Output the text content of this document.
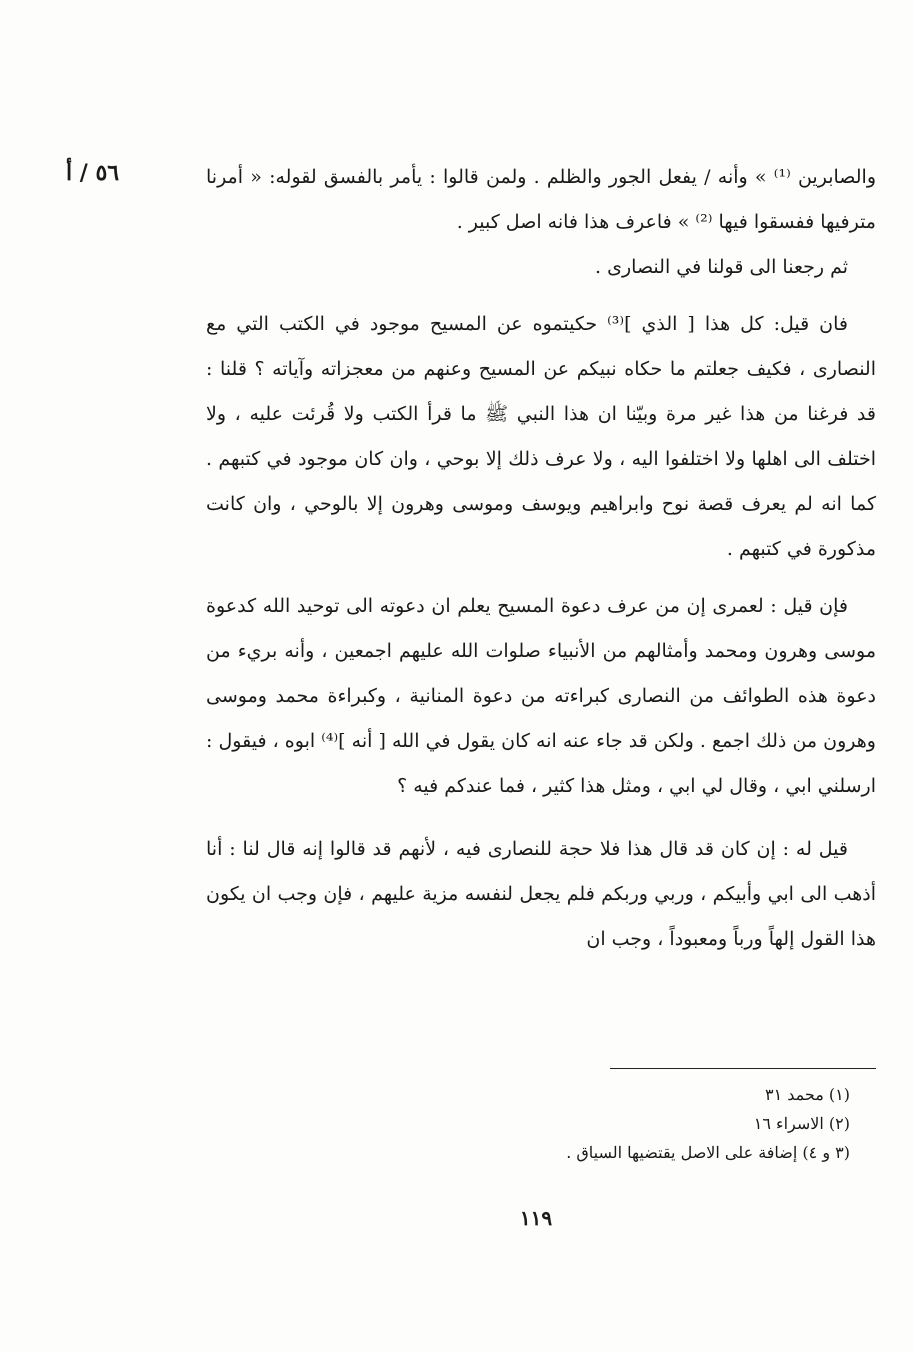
٥٦ / أ	والصابرين ⁽¹⁾ » وأنه / يفعل الجور والظلم . ولمن قالوا : يأمر بالفسق لقوله: « أمرنا مترفيها ففسقوا فيها ⁽²⁾ » فاعرف هذا فانه اصل كبير .

ثم رجعنا الى قولنا في النصارى .

فان قيل: كل هذا [ الذي ]⁽³⁾ حكيتموه عن المسيح موجود في الكتب التي مع النصارى ، فكيف جعلتم ما حكاه نبيكم عن المسيح وعنهم من معجزاته وآياته ؟ قلنا : قد فرغنا من هذا غير مرة وبيّنا ان هذا النبي ﷺ ما قرأ الكتب ولا قُرئت عليه ، ولا اختلف الى اهلها ولا اختلفوا اليه ، ولا عرف ذلك إلا بوحي ، وان كان موجود في كتبهم . كما انه لم يعرف قصة نوح وابراهيم ويوسف وموسى وهرون إلا بالوحي ، وان كانت مذكورة في كتبهم .

فإن قيل : لعمرى إن من عرف دعوة المسيح يعلم ان دعوته الى توحيد الله كدعوة موسى وهرون ومحمد وأمثالهم من الأنبياء صلوات الله عليهم اجمعين ، وأنه بريء من دعوة هذه الطوائف من النصارى كبراءته من دعوة المنانية ، وكبراءة محمد وموسى وهرون من ذلك اجمع . ولكن قد جاء عنه انه كان يقول في الله [ أنه ]⁽⁴⁾ ابوه ، فيقول : ارسلني ابي ، وقال لي ابي ، ومثل هذا كثير ، فما عندكم فيه ؟

قيل له : إن كان قد قال هذا فلا حجة للنصارى فيه ، لأنهم قد قالوا إنه قال لنا : أنا أذهب الى ابي وأبيكم ، وربي وربكم فلم يجعل لنفسه مزية عليهم ، فإن وجب ان يكون هذا القول إلهاً ورباً ومعبوداً ، وجب ان

(١) محمد ٣١
(٢) الاسراء ١٦
(٣ و ٤) إضافة على الاصل يقتضيها السياق .
١١٩
